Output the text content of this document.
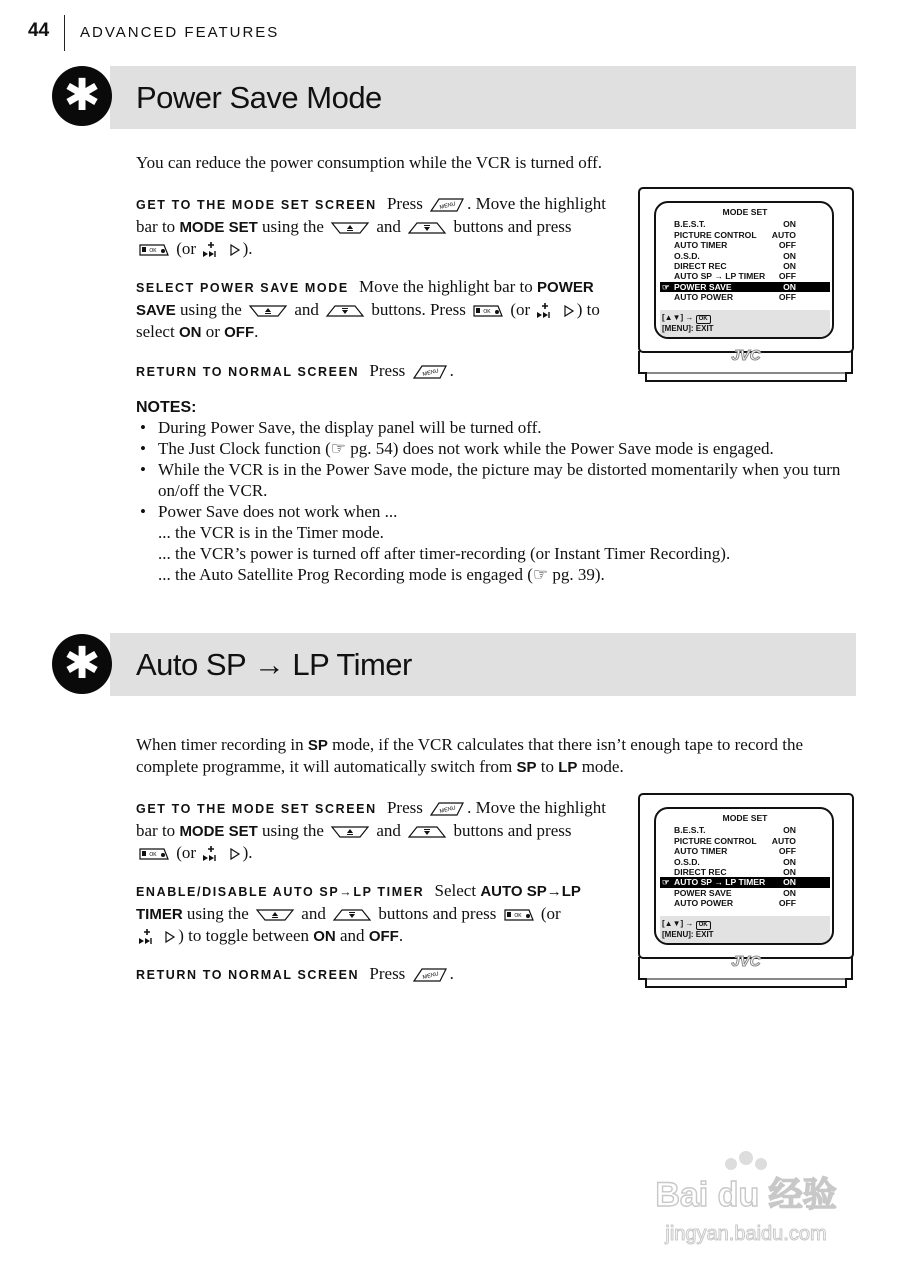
44 ADVANCED FEATURES
✱	Power Save Mode
You can reduce the power consumption while the VCR is turned off.
GET TO THE MODE SET SCREEN Press	MENU . Move the highlight bar to MODE SET using the	and	buttons and press

OK (or	).
SELECT POWER SAVE MODE Move the highlight bar to POWER SAVE using the	and	buttons. Press	OK (or	) to select ON or OFF.
RETURN TO NORMAL SCREEN Press	MENU .
MODE SET
B.E.S.T.	ON
PICTURE CONTROL AUTO
AUTO TIMER	OFF
O.S.D.	ON
DIRECT REC	ON
AUTO SP → LP TIMER OFF
☞ POWER SAVE	ON
AUTO POWER	OFF
[▲▼] → OK
[MENU]: EXIT
JVC
NOTES:
• During Power Save, the display panel will be turned off.
• The Just Clock function (☞ pg. 54) does not work while the Power Save mode is engaged.
• While the VCR is in the Power Save mode, the picture may be distorted momentarily when you turn on/off the VCR.
• Power Save does not work when ...
... the VCR is in the Timer mode.
... the VCR’s power is turned off after timer-recording (or Instant Timer Recording).
... the Auto Satellite Prog Recording mode is engaged (☞ pg. 39).
✱	Auto SP → LP Timer
When timer recording in SP mode, if the VCR calculates that there isn’t enough tape to record the complete programme, it will automatically switch from SP to LP mode.
GET TO THE MODE SET SCREEN Press	MENU . Move the highlight bar to MODE SET using the	and	buttons and press

OK (or	).
ENABLE/DISABLE AUTO SP→LP TIMER Select AUTO SP→LP TIMER using the	and	buttons and press	OK (or
) to toggle between ON and OFF.
RETURN TO NORMAL SCREEN Press	MENU .
MODE SET
B.E.S.T.	ON
PICTURE CONTROL AUTO
AUTO TIMER	OFF
O.S.D.	ON
DIRECT REC	ON
☞ AUTO SP → LP TIMER ON
POWER SAVE	ON
AUTO POWER	OFF
[▲▼] → OK
[MENU]: EXIT
JVC
Bai du 经验
jingyan.baidu.com
